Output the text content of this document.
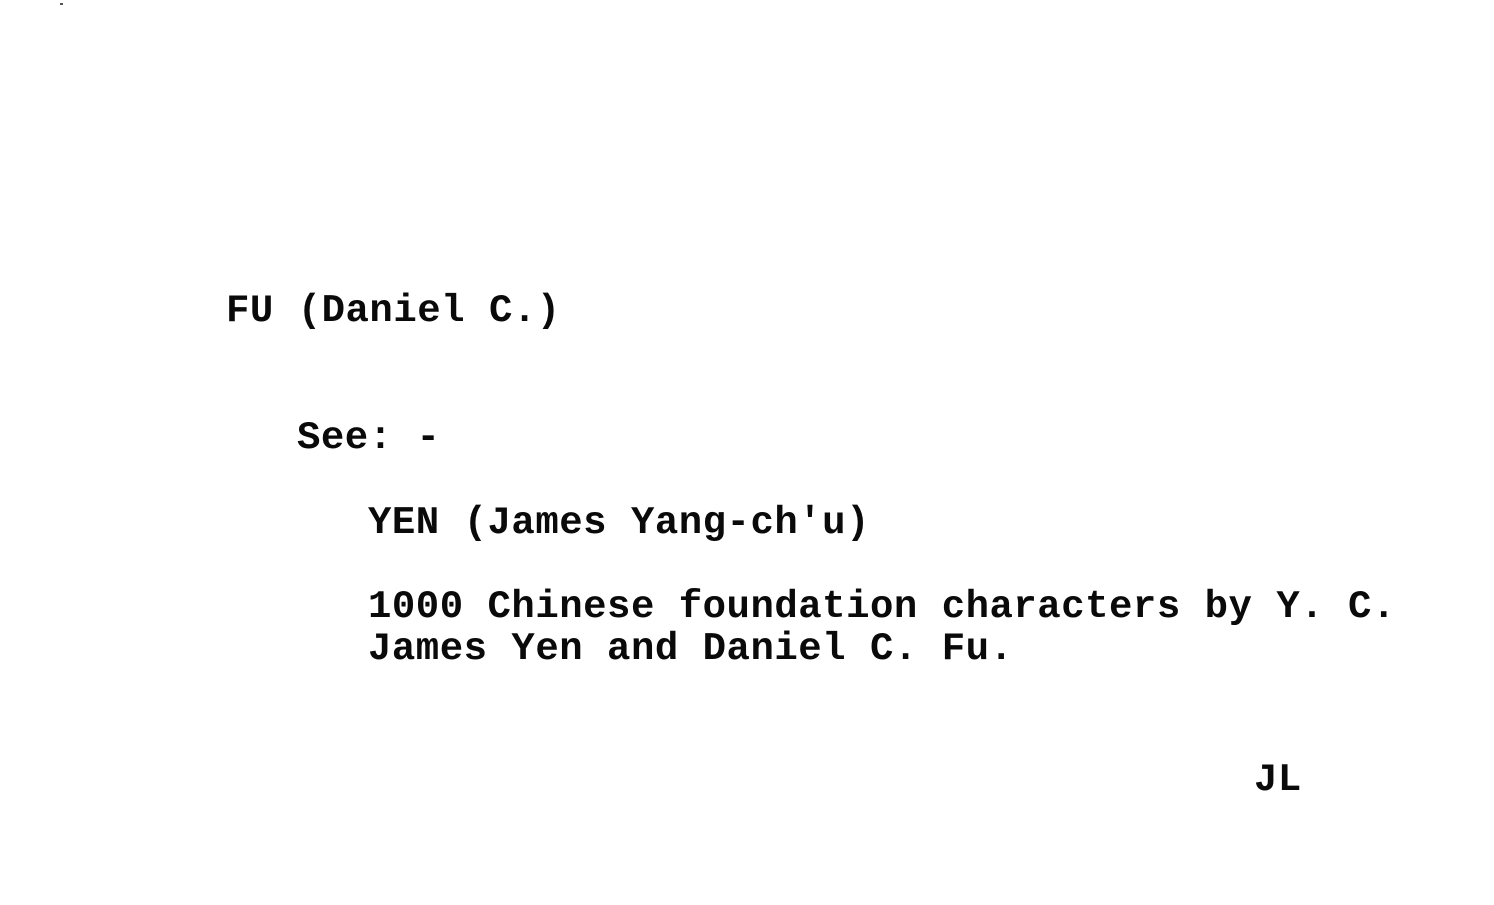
FU (Daniel C.)
See: -
YEN (James Yang-ch'u)
1000 Chinese foundation characters by Y. C.
James Yen and Daniel C. Fu.
JL
